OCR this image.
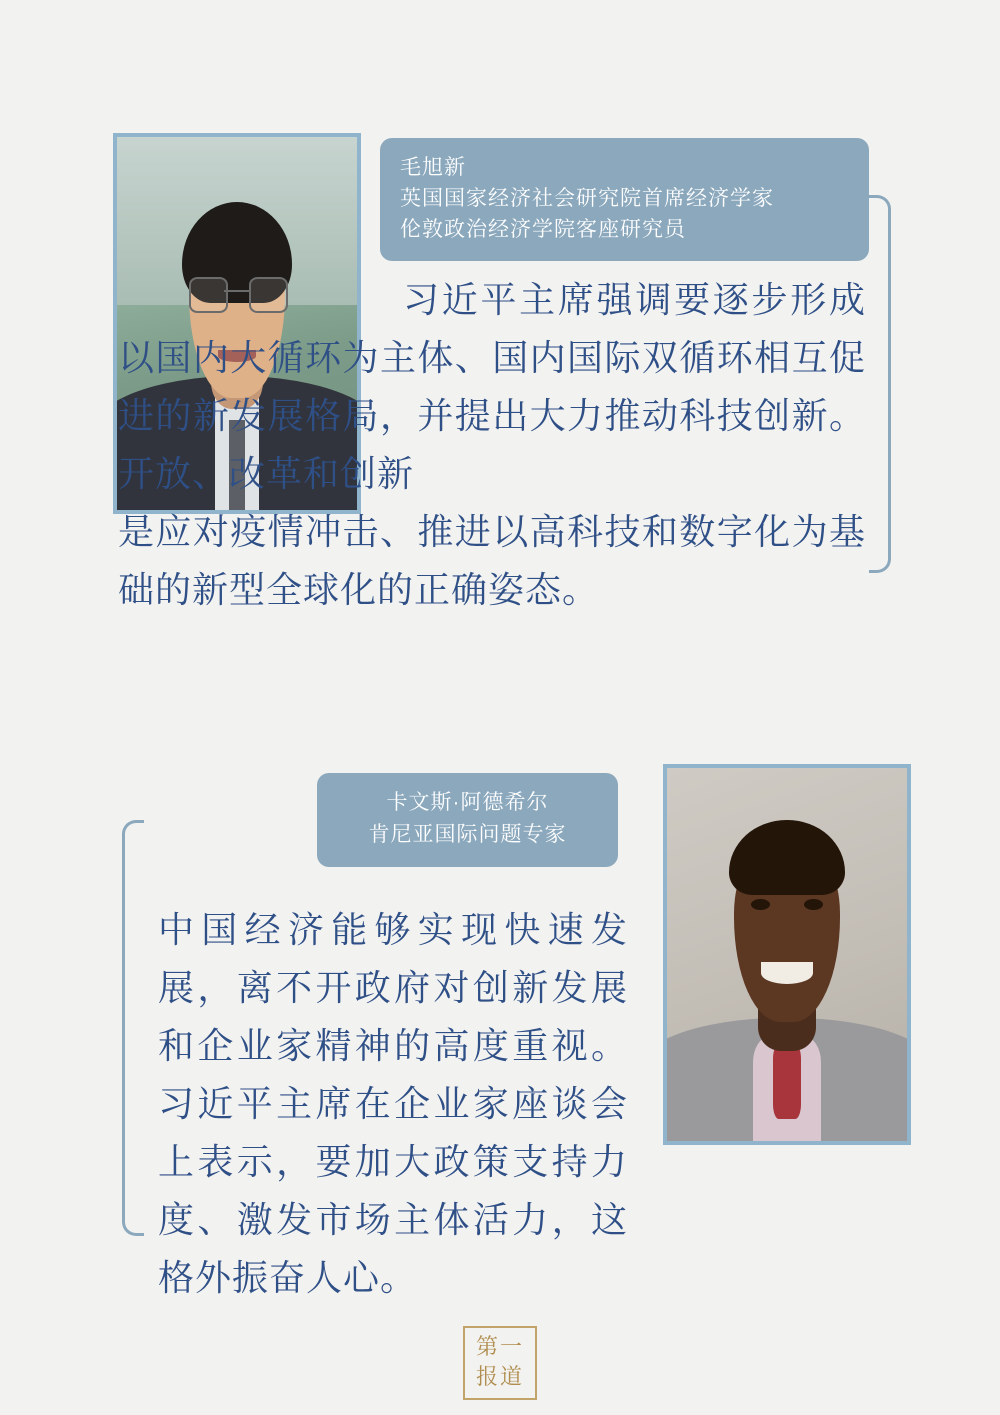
毛旭新
英国国家经济社会研究院首席经济学家
伦敦政治经济学院客座研究员
习近平主席强调要逐步形成以国内大循环为主体、国内国际双循环相互促进的新发展格局，并提出大力推动科技创新。开放、改革和创新
是应对疫情冲击、推进以高科技和数字化为基础的新型全球化的正确姿态。
卡文斯·阿德希尔
肯尼亚国际问题专家
中国经济能够实现快速发展，离不开政府对创新发展和企业家精神的高度重视。习近平主席在企业家座谈会上表示，要加大政策支持力度、激发市场主体活力，这格外振奋人心。
第一
报道
